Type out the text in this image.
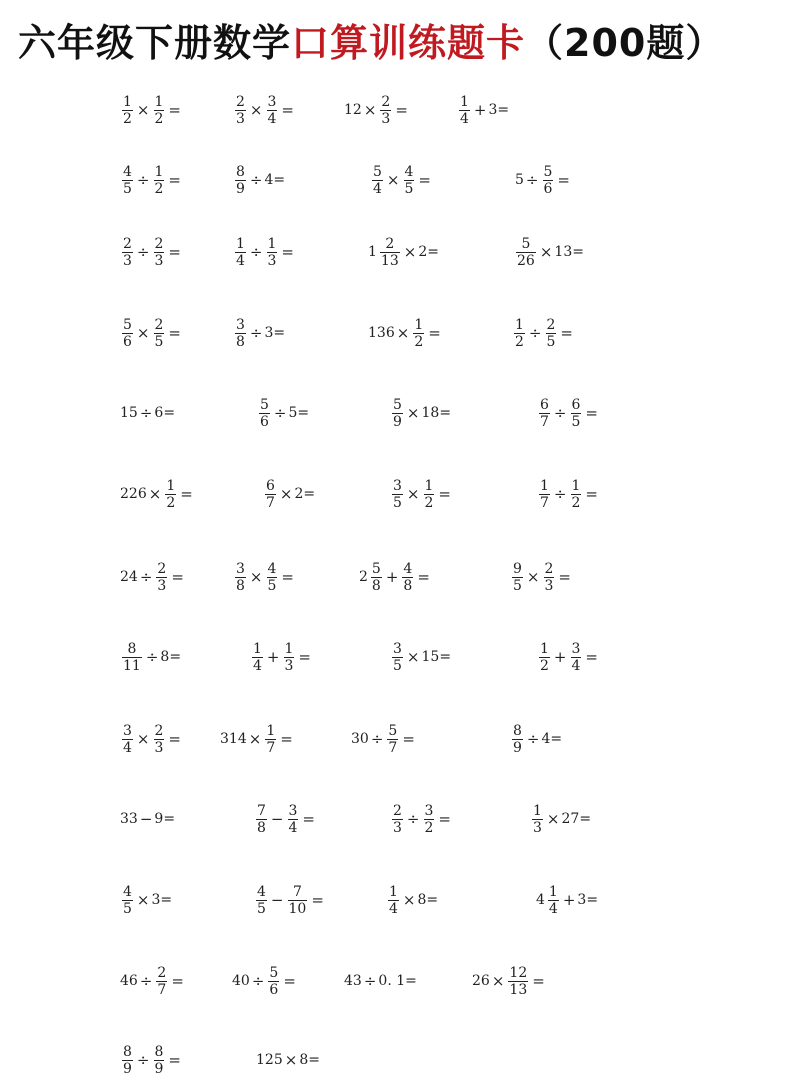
六年级下册数学口算训练题卡（200题）
$\frac{1}{2} \times \frac{1}{2}$ =	$\frac{2}{3} \times \frac{3}{4}$ =	$12 \times \frac{2}{3}$ =	$\frac{1}{4} + 3=$
$\frac{4}{5} \div \frac{1}{2}$ =	$\frac{8}{9} \div 4=$	$\frac{5}{4} \times \frac{4}{5}$ =	$5 \div \frac{5}{6}$ =
$\frac{2}{3} \div \frac{2}{3}$ =	$\frac{1}{4} \div \frac{1}{3}$ =	$1 \frac{2}{13} \times 2=$	$\frac{5}{26} \times 13=$
$\frac{5}{6} \times \frac{2}{5}$ =	$\frac{3}{8} \div 3=$	$136 \times \frac{1}{2}$ =	$\frac{1}{2} \div \frac{2}{5}$ =
15 ÷ 6=	$\frac{5}{6} \div 5=$	$\frac{5}{9} \times 18=$	$\frac{6}{7} \div \frac{6}{5}$ =
$226 \times \frac{1}{2}$ =	$\frac{6}{7} \times 2=$	$\frac{3}{5} \times \frac{1}{2}$ =	$\frac{1}{7} \div \frac{1}{2}$ =
$24 \div \frac{2}{3}$ =	$\frac{3}{8} \times \frac{4}{5}$ =	$2 \frac{5}{8} + \frac{4}{8}$ =	$\frac{9}{5} \times \frac{2}{3}$ =
$\frac{8}{11} \div 8=$	$\frac{1}{4} + \frac{1}{3}$ =	$\frac{3}{5} \times 15=$	$\frac{1}{2} + \frac{3}{4}$ =
$\frac{3}{4} \times \frac{2}{3}$ =	$314 \times \frac{1}{7}$ =	$30 \div \frac{5}{7}$ =	$\frac{8}{9} \div 4=$
33 − 9=	$\frac{7}{8} - \frac{3}{4}$ =	$\frac{2}{3} \div \frac{3}{2}$ =	$\frac{1}{3} \times 27=$
$\frac{4}{5} \times 3=$	$\frac{4}{5} - \frac{7}{10}$ =	$\frac{1}{4} \times 8=$	$4 \frac{1}{4} + 3=$
$46 \div \frac{2}{7}$ =	$40 \div \frac{5}{6}$ =	43 ÷ 0. 1=	$26 \times \frac{12}{13}$ =
$\frac{8}{9} \div \frac{8}{9}$ =	125 × 8=
